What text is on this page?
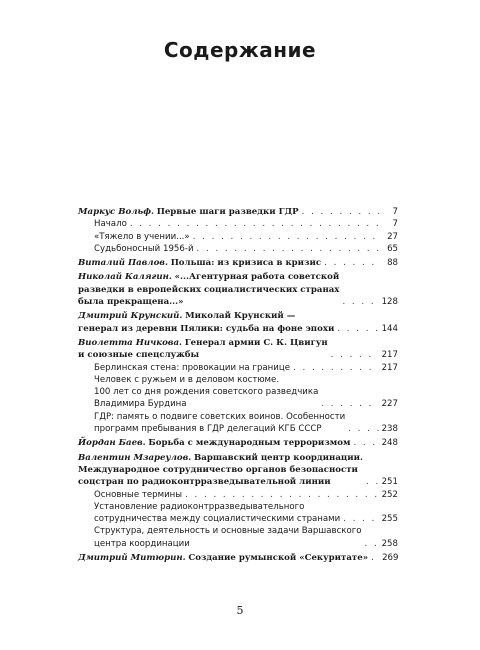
Содержание
Маркус Вольф. Первые шаги разведки ГДР . . .	7
Начало . . .	7
«Тяжело в учении...» . . .	27
Судьбоносный 1956-й . . .	65
Виталий Павлов. Польша: из кризиса в кризис . . .	88
Николай Калягин. «...Агентурная работа советской
разведки в европейских социалистических странах
была прекращена...» . . .	128
Дмитрий Крунский. Миколай Крунский —
генерал из деревни Пялики: судьба на фоне эпохи . . .	144
Виолетта Ничкова. Генерал армии С. К. Цвигун
и союзные спецслужбы . . .	217
Берлинская стена: провокации на границе . . .	217
Человек с ружьем и в деловом костюме.
100 лет со дня рождения советского разведчика
Владимира Бурдина . . .	227
ГДР: память о подвиге советских воинов. Особенности
программ пребывания в ГДР делегаций КГБ СССР . . .	238
Йордан Баев. Борьба с международным терроризмом . . .	248
Валентин Мзареулов. Варшавский центр координации.
Международное сотрудничество органов безопасности
соцстран по радиоконтрразведывательной линии . . .	251
Основные термины . . .	252
Установление радиоконтрразведывательного
сотрудничества между социалистическими странами . . .	255
Структура, деятельность и основные задачи Варшавского
центра координации . . .	258
Дмитрий Митюрин. Создание румынской «Секуритате» . . . 269
5
